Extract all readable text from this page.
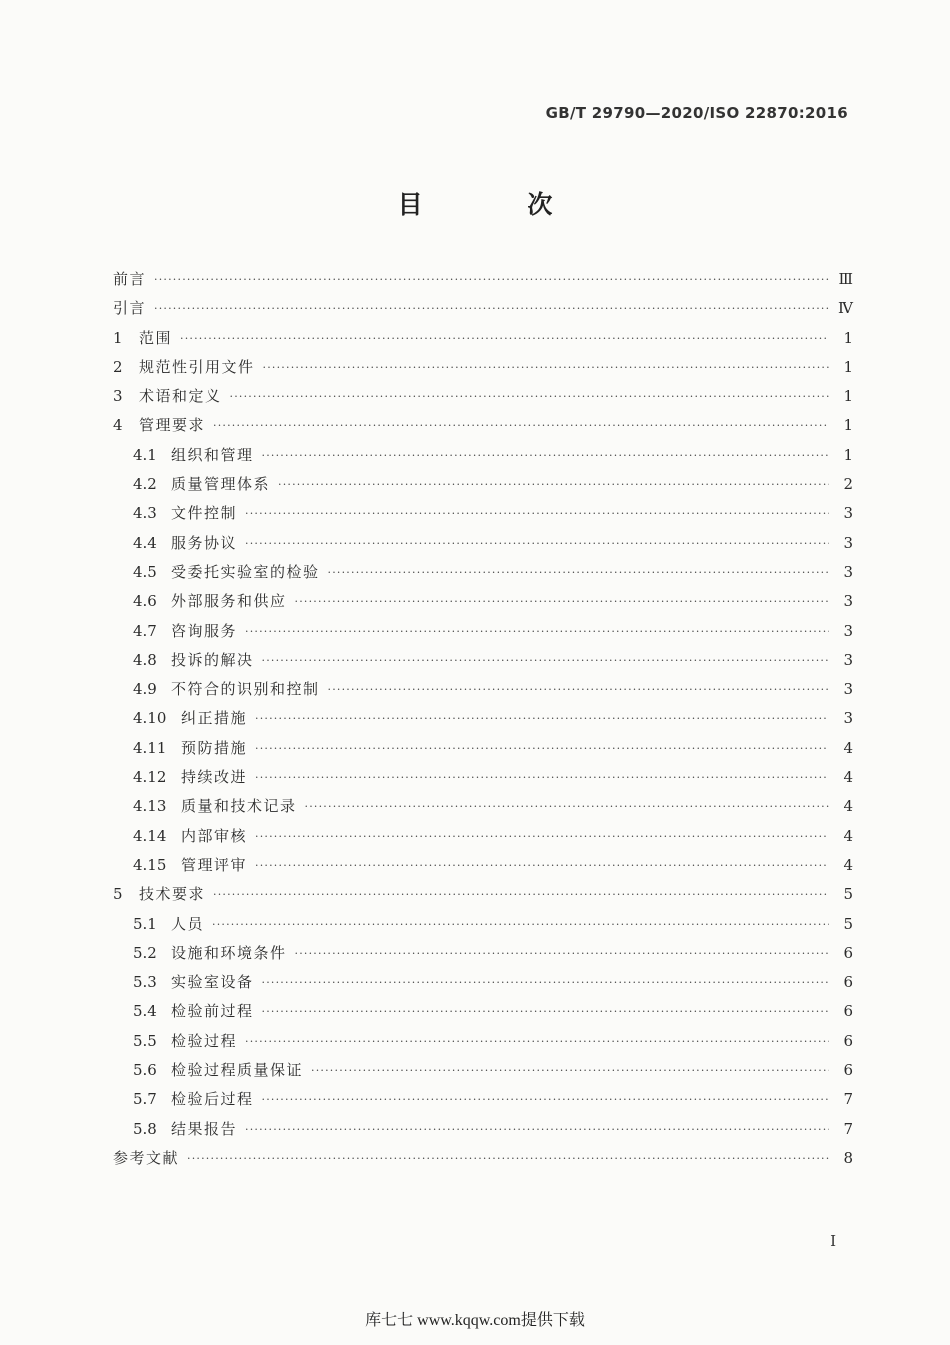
GB/T 29790—2020/ISO 22870:2016
目 次
前言 ·····	Ⅲ
引言 ·····	Ⅳ
1	范围 ·····	1
2	规范性引用文件 ·····	1
3	术语和定义 ·····	1
4	管理要求 ·····	1
4.1 组织和管理 ·····	1
4.2 质量管理体系 ·····	2
4.3 文件控制 ·····	3
4.4 服务协议 ·····	3
4.5 受委托实验室的检验 ·····	3
4.6 外部服务和供应 ·····	3
4.7 咨询服务 ·····	3
4.8 投诉的解决 ·····	3
4.9 不符合的识别和控制 ·····	3
4.10 纠正措施 ·····	3
4.11 预防措施 ·····	4
4.12 持续改进 ·····	4
4.13 质量和技术记录 ·····	4
4.14 内部审核 ·····	4
4.15 管理评审 ·····	4
5	技术要求 ·····	5
5.1 人员 ·····	5
5.2 设施和环境条件 ·····	6
5.3 实验室设备 ·····	6
5.4 检验前过程 ·····	6
5.5 检验过程 ·····	6
5.6 检验过程质量保证 ·····	6
5.7 检验后过程 ·····	7
5.8 结果报告 ·····	7
参考文献 ·····	8
I
库七七 www.kqqw.com提供下载
